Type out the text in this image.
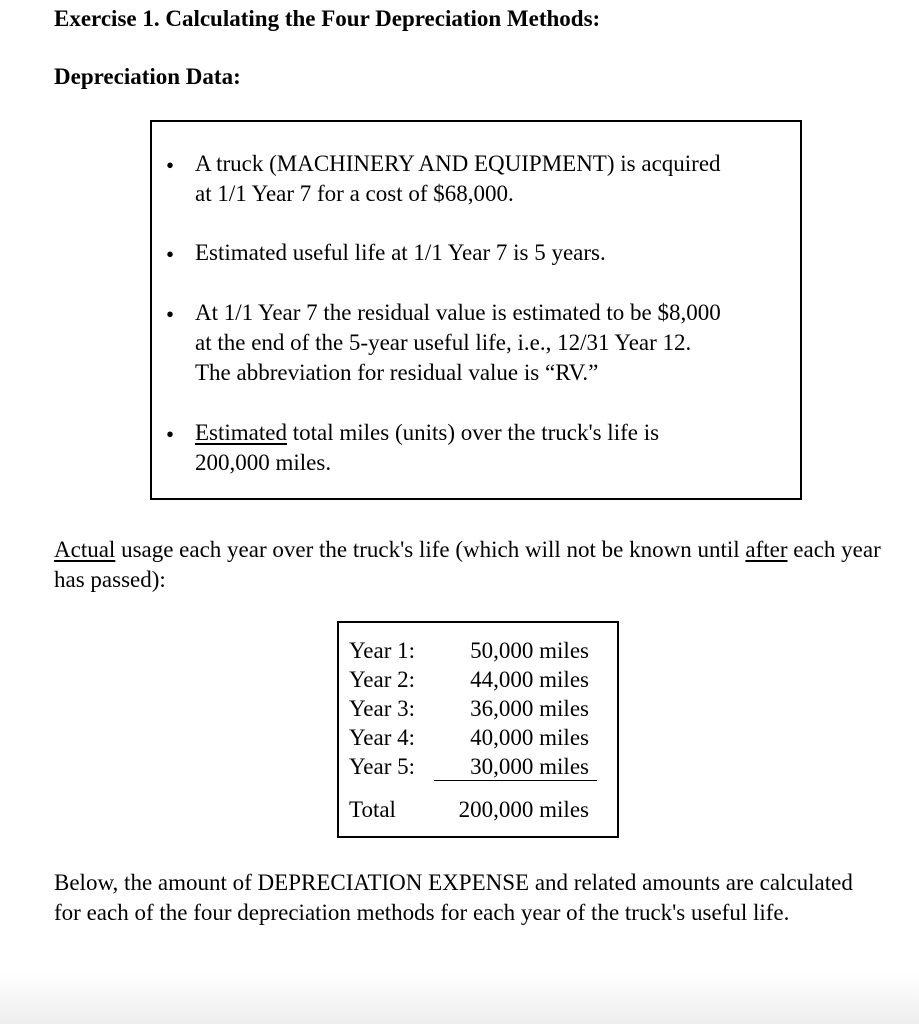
Exercise 1. Calculating the Four Depreciation Methods:
Depreciation Data:
• A truck (MACHINERY AND EQUIPMENT) is acquired
at 1/1 Year 7 for a cost of $68,000.
• Estimated useful life at 1/1 Year 7 is 5 years.
• At 1/1 Year 7 the residual value is estimated to be $8,000
at the end of the 5-year useful life, i.e., 12/31 Year 12.
The abbreviation for residual value is “RV.”
• Estimated total miles (units) over the truck's life is
200,000 miles.

Actual usage each year over the truck's life (which will not be known until after each year has passed):

Year 1: 50,000 miles
Year 2: 44,000 miles
Year 3: 36,000 miles
Year 4: 40,000 miles
Year 5: 30,000 miles
Total	200,000 miles

Below, the amount of DEPRECIATION EXPENSE and related amounts are calculated for each of the four depreciation methods for each year of the truck's useful life.
